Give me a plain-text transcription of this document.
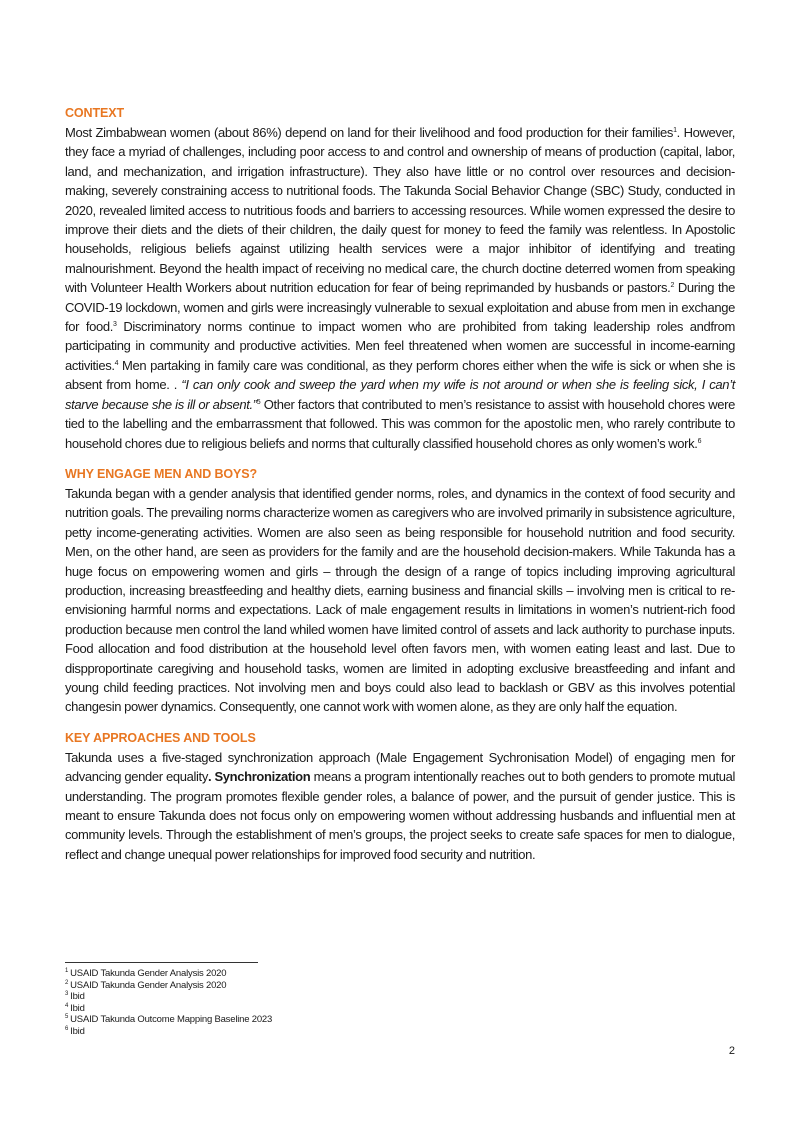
CONTEXT

Most Zimbabwean women (about 86%) depend on land for their livelihood and food production for their families$^1$. However, they face a myriad of challenges, including poor access to and control and ownership of means of production (capital, labor, land, and mechanization, and irrigation infrastructure). They also have little or no control over resources and decision-making, severely constraining access to nutritional foods. The Takunda Social Behavior Change (SBC) Study, conducted in 2020, revealed limited access to nutritious foods and barriers to accessing resources. While women expressed the desire to improve their diets and the diets of their children, the daily quest for money to feed the family was relentless. In Apostolic households, religious beliefs against utilizing health services were a major inhibitor of identifying and treating malnourishment. Beyond the health impact of receiving no medical care, the church doctine deterred women from speaking with Volunteer Health Workers about nutrition education for fear of being reprimanded by husbands or pastors.$^2$ During the COVID-19 lockdown, women and girls were increasingly vulnerable to sexual exploitation and abuse from men in exchange for food.$^3$ Discriminatory norms continue to impact women who are prohibited from taking leadership roles andfrom participating in community and productive activities. Men feel threatened when women are successful in income-earning activities.$^4$ Men partaking in family care was conditional, as they perform chores either when the wife is sick or when she is absent from home. . “I can only cook and sweep the yard when my wife is not around or when she is feeling sick, I can’t starve because she is ill or absent.”$^5$ Other factors that contributed to men’s resistance to assist with household chores were tied to the labelling and the embarrassment that followed. This was common for the apostolic men, who rarely contribute to household chores due to religious beliefs and norms that culturally classified household chores as only women’s work.$^6$

WHY ENGAGE MEN AND BOYS?

Takunda began with a gender analysis that identified gender norms, roles, and dynamics in the context of food security and nutrition goals. The prevailing norms characterize women as caregivers who are involved primarily in subsistence agriculture, petty income-generating activities. Women are also seen as being responsible for household nutrition and food security. Men, on the other hand, are seen as providers for the family and are the household decision-makers. While Takunda has a huge focus on empowering women and girls – through the design of a range of topics including improving agricultural production, increasing breastfeeding and healthy diets, earning business and financial skills – involving men is critical to re-envisioning harmful norms and expectations. Lack of male engagement results in limitations in women’s nutrient-rich food production because men control the land whiled women have limited control of assets and lack authority to purchase inputs. Food allocation and food distribution at the household level often favors men, with women eating least and last. Due to dispproportinate caregiving and household tasks, women are limited in adopting exclusive breastfeeding and infant and young child feeding practices. Not involving men and boys could also lead to backlash or GBV as this involves potential changesin power dynamics. Consequently, one cannot work with women alone, as they are only half the equation.

KEY APPROACHES AND TOOLS

Takunda uses a five-staged synchronization approach (Male Engagement Sychronisation Model) of engaging men for advancing gender equality. Synchronization means a program intentionally reaches out to both genders to promote mutual understanding. The program promotes flexible gender roles, a balance of power, and the pursuit of gender justice. This is meant to ensure Takunda does not focus only on empowering women without addressing husbands and influential men at community levels. Through the establishment of men’s groups, the project seeks to create safe spaces for men to dialogue, reflect and change unequal power relationships for improved food security and nutrition.

$^1$ USAID Takunda Gender Analysis 2020
$^2$ USAID Takunda Gender Analysis 2020
$^3$ Ibid
$^4$ Ibid
$^5$ USAID Takunda Outcome Mapping Baseline 2023
$^6$ Ibid
2
